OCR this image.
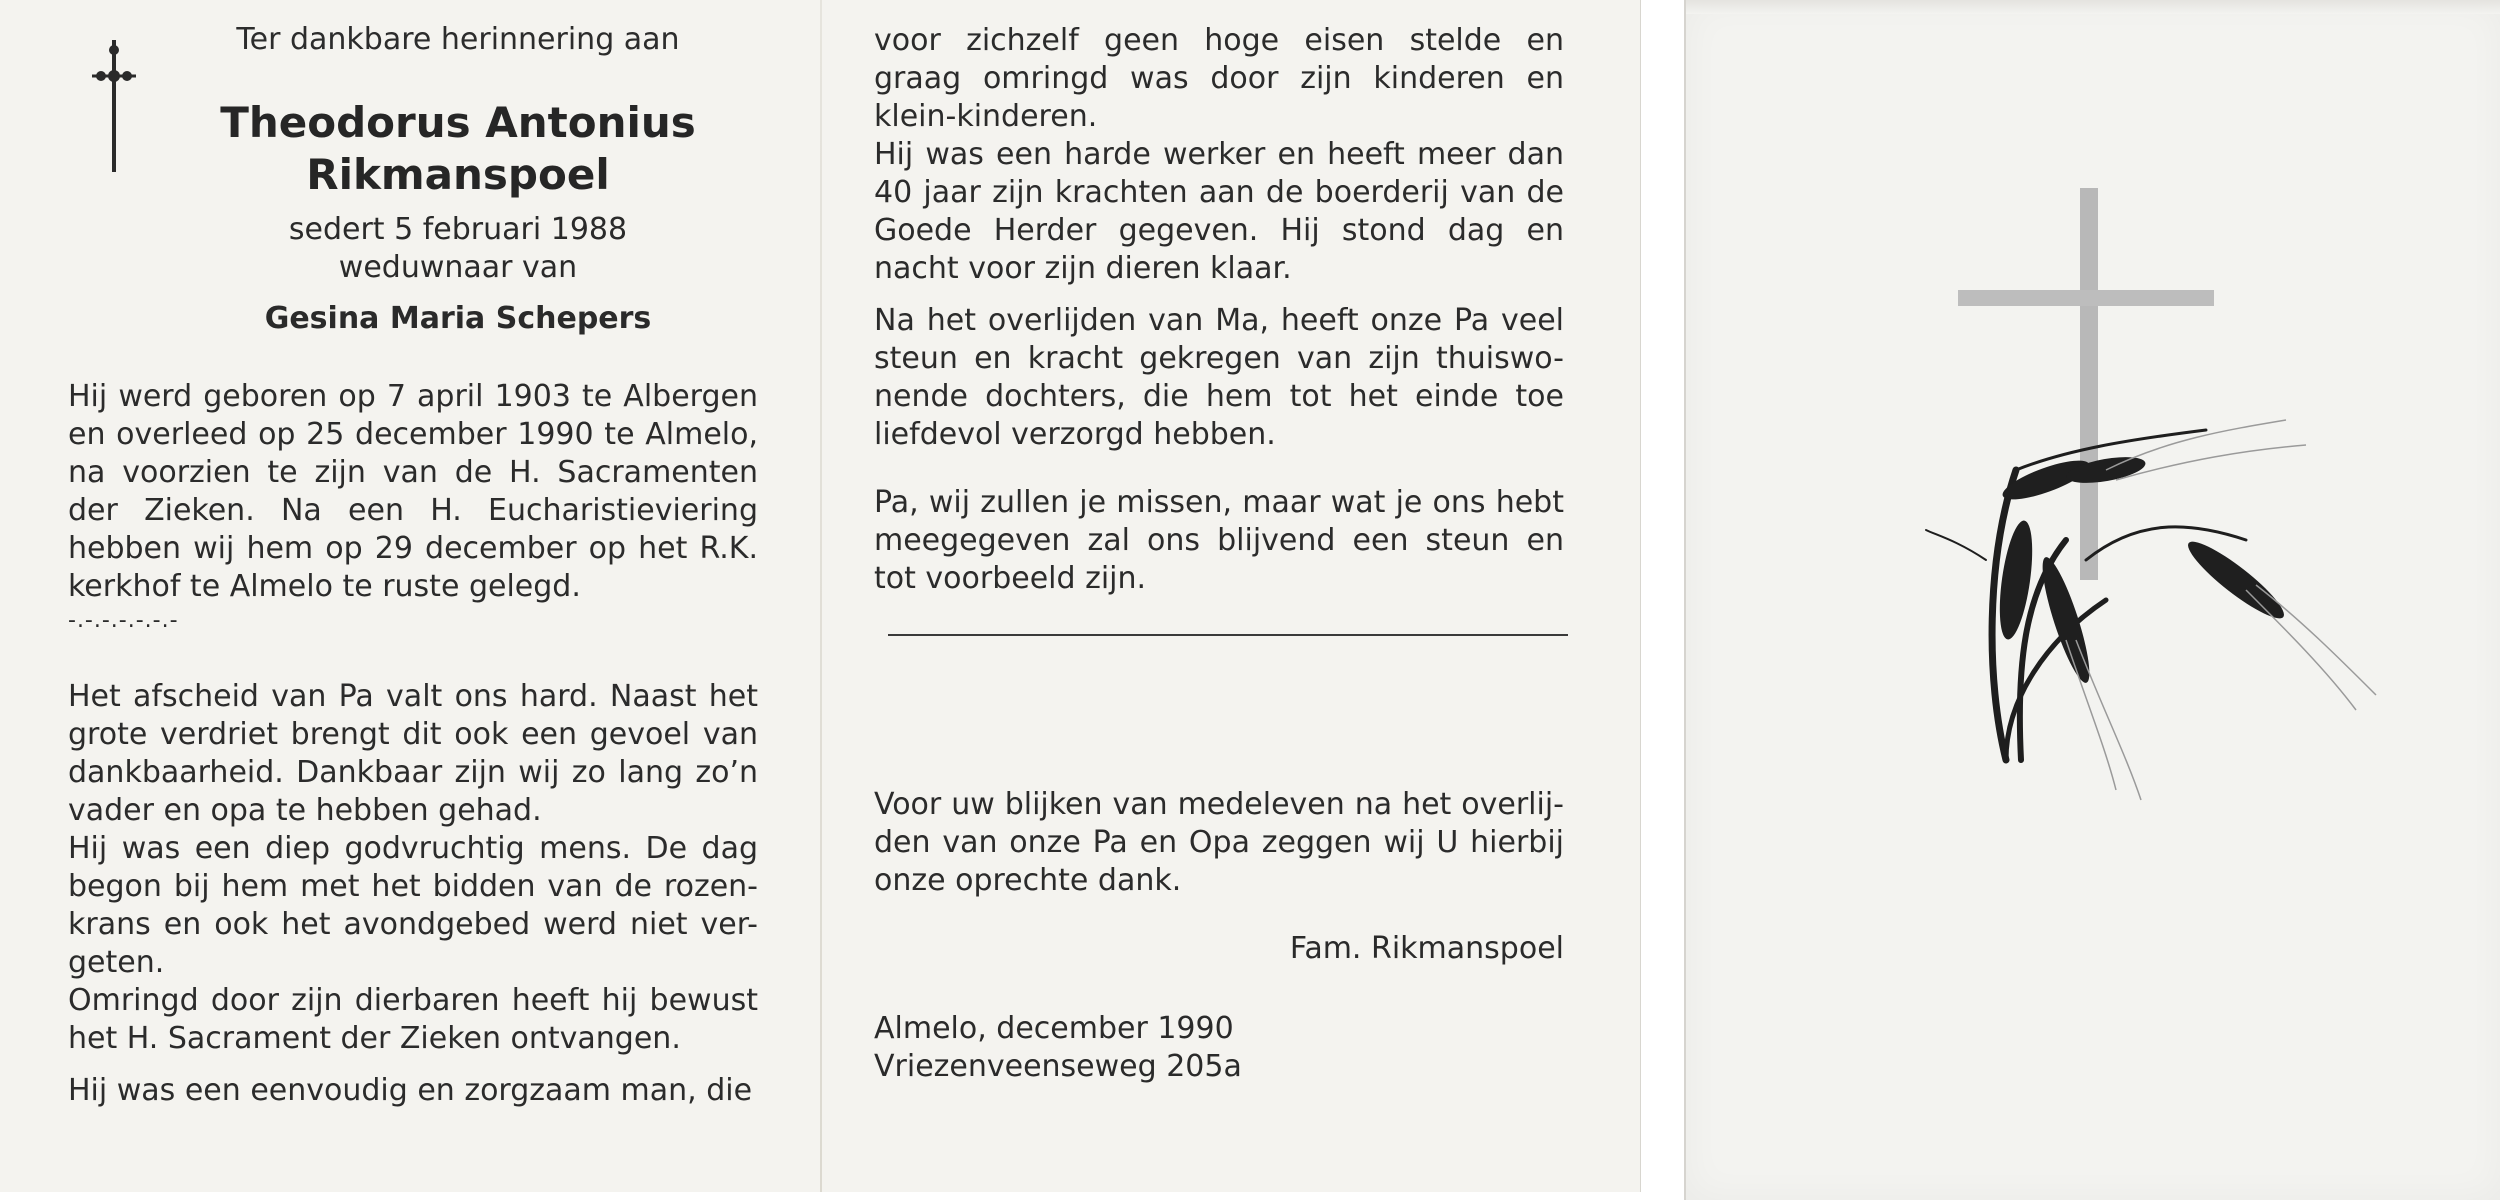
Ter dankbare herinnering aan
Theodorus Antonius
Rikmanspoel
sedert 5 februari 1988
weduwnaar van
Gesina Maria Schepers

Hij werd geboren op 7 april 1903 te Albergen en overleed op 25 december 1990 te Almelo, na voorzien te zijn van de H. Sacramenten der Zieken. Na een H. Eucharistieviering hebben wij hem op 29 december op het R.K. kerkhof te Almelo te ruste gelegd.

-.-.-.-.-.-.-

Het afscheid van Pa valt ons hard. Naast het grote verdriet brengt dit ook een gevoel van dankbaarheid. Dankbaar zijn wij zo lang zo’n vader en opa te hebben gehad.

Hij was een diep godvruchtig mens. De dag begon bij hem met het bidden van de rozen-krans en ook het avondgebed werd niet ver-geten.

Omringd door zijn dierbaren heeft hij bewust het H. Sacrament der Zieken ontvangen.

Hij was een eenvoudig en zorgzaam man, die

voor zichzelf geen hoge eisen stelde en graag omringd was door zijn kinderen en klein-kinderen.

Hij was een harde werker en heeft meer dan 40 jaar zijn krachten aan de boerderij van de Goede Herder gegeven. Hij stond dag en nacht voor zijn dieren klaar.

Na het overlijden van Ma, heeft onze Pa veel steun en kracht gekregen van zijn thuiswo-nende dochters, die hem tot het einde toe liefdevol verzorgd hebben.

Pa, wij zullen je missen, maar wat je ons hebt meegegeven zal ons blijvend een steun en tot voorbeeld zijn.

Voor uw blijken van medeleven na het overlij-den van onze Pa en Opa zeggen wij U hierbij onze oprechte dank.

Fam. Rikmanspoel
Almelo, december 1990
Vriezenveenseweg 205a
